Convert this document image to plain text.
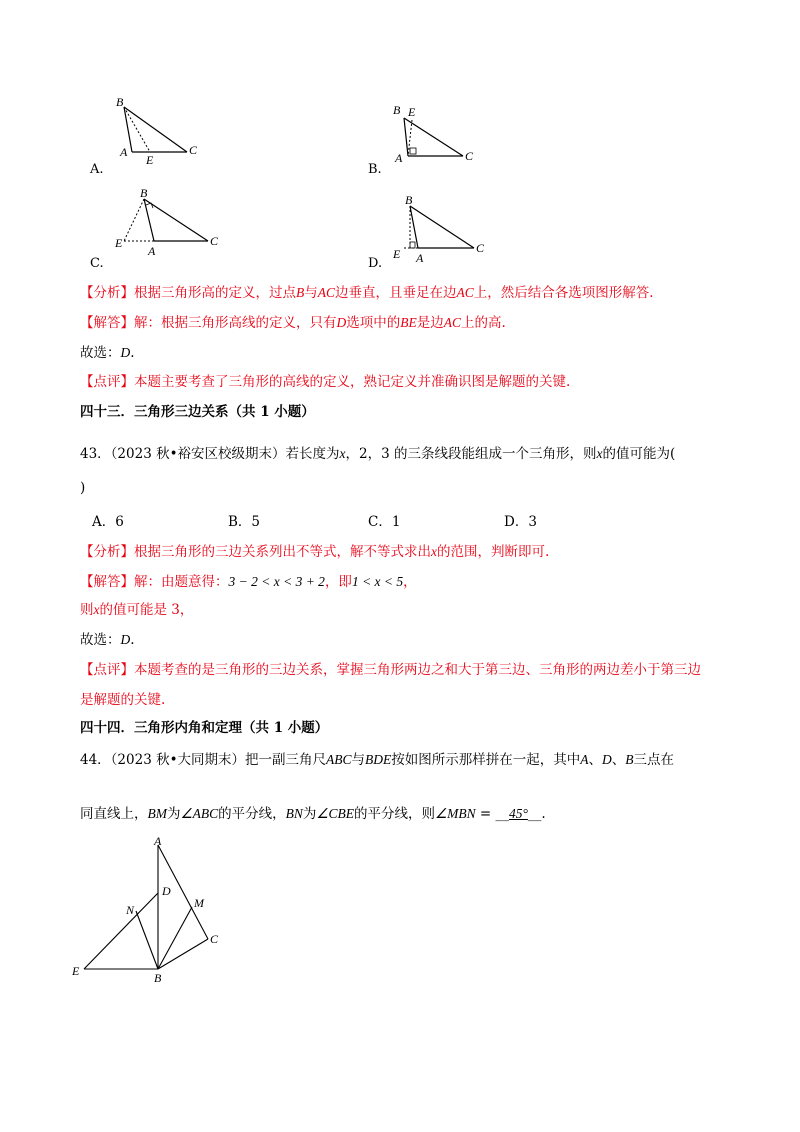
B
A
E
C
A.
B E
A	C
B.
B
E
A
C
C.
B
E A
C
D.
【分析】根据三角形高的定义，过点B与AC边垂直，且垂足在边AC上，然后结合各选项图形解答.
【解答】解：根据三角形高线的定义，只有D选项中的BE是边AC上的高.
故选：D.
【点评】本题主要考查了三角形的高线的定义，熟记定义并准确识图是解题的关键.
四十三．三角形三边关系（共 1 小题）
43．（2023 秋•裕安区校级期末）若长度为x，2，3 的三条线段能组成一个三角形，则x的值可能为(
)
A．6	B．5	C．1	D．3
【分析】根据三角形的三边关系列出不等式，解不等式求出x的范围，判断即可.
【解答】解：由题意得：3 − 2 < x < 3 + 2，即1 < x < 5，
则x的值可能是 3，
故选：D.
【点评】本题考查的是三角形的三边关系，掌握三角形两边之和大于第三边、三角形的两边差小于第三边
是解题的关键.
四十四．三角形内角和定理（共 1 小题）
44．（2023 秋•大同期末）把一副三角尺ABC与BDE按如图所示那样拼在一起，其中A、D、B三点在
同直线上，BM为∠ABC的平分线，BN为∠CBE的平分线，则∠MBN = __45°__.
A
D
N	M
C
E	B
